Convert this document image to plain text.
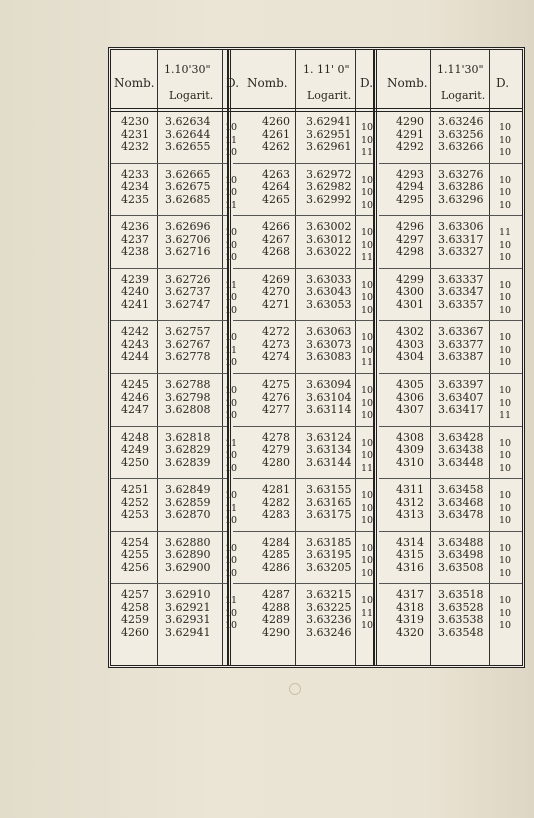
Nomb.
1.10'30"
Logarit.
D. Nomb.
1. 11' 0"
Logarit.
D. Nomb.
1.11'30"
Logarit.
D.
4230
4231
4232
3.62634
3.62644
3.62655
10
11
10
4233
4234
4235
3.62665
3.62675
3.62685
10
10
11
4236
4237
4238
3.62696
3.62706
3.62716
10
10
10
4239
4240
4241
3.62726
3.62737
3.62747
11
10
10
4242
4243
4244
3.62757
3.62767
3.62778
10
11
10
4245
4246
4247
3.62788
3.62798
3.62808
10
10
10
4248
4249
4250
3.62818
3.62829
3.62839
11
10
10
4251
4252
4253
3.62849
3.62859
3.62870
10
11
10
4254
4255
4256
3.62880
3.62890
3.62900
10
10
10
4257
4258
4259
4260
3.62910
3.62921
3.62931
3.62941
11
10
10
4260
4261
4262
3.62941
3.62951
3.62961
10
10
11
4263
4264
4265
3.62972
3.62982
3.62992
10
10
10
4266
4267
4268
3.63002
3.63012
3.63022
10
10
11
4269
4270
4271
3.63033
3.63043
3.63053
10
10
10
4272
4273
4274
3.63063
3.63073
3.63083
10
10
11
4275
4276
4277
3.63094
3.63104
3.63114
10
10
10
4278
4279
4280
3.63124
3.63134
3.63144
10
10
11
4281
4282
4283
3.63155
3.63165
3.63175
10
10
10
4284
4285
4286
3.63185
3.63195
3.63205
10
10
10
4287
4288
4289
4290
3.63215
3.63225
3.63236
3.63246
10
11
10
4290
4291
4292
3.63246
3.63256
3.63266
10
10
10
4293
4294
4295
3.63276
3.63286
3.63296
10
10
10
4296
4297
4298
3.63306
3.63317
3.63327
11
10
10
4299
4300
4301
3.63337
3.63347
3.63357
10
10
10
4302
4303
4304
3.63367
3.63377
3.63387
10
10
10
4305
4306
4307
3.63397
3.63407
3.63417
10
10
11
4308
4309
4310
3.63428
3.63438
3.63448
10
10
10
4311
4312
4313
3.63458
3.63468
3.63478
10
10
10
4314
4315
4316
3.63488
3.63498
3.63508
10
10
10
4317
4318
4319
4320
3.63518
3.63528
3.63538
3.63548
10
10
10
